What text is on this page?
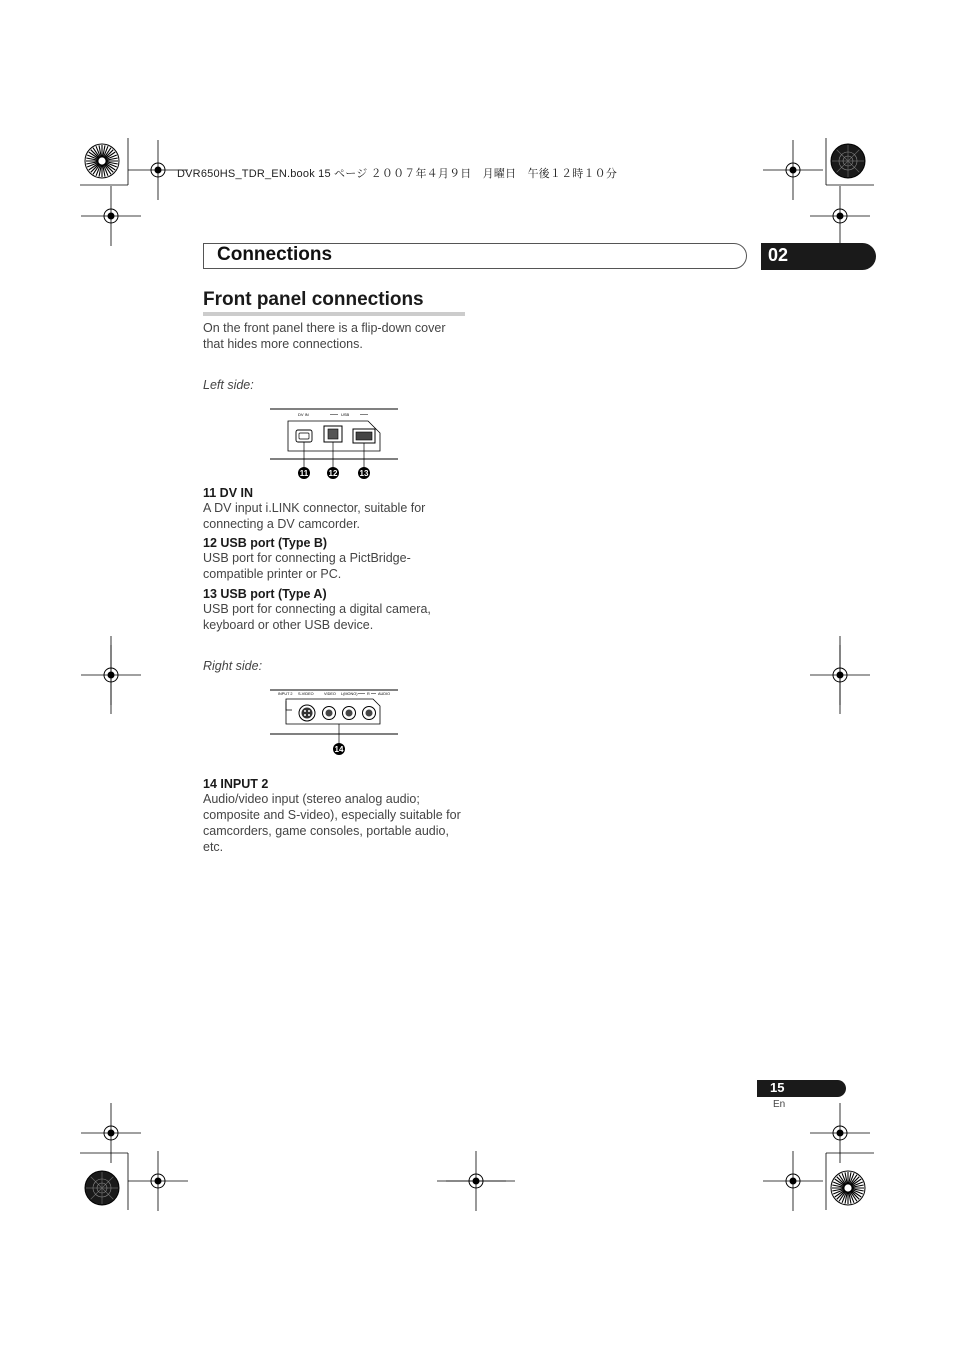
DVR650HS_TDR_EN.book 15 ページ ２００７年４月９日　月曜日　午後１２時１０分
Connections	02
Front panel connections
On the front panel there is a flip-down cover that hides more connections.
Left side:
DV IN	USB
11	12	13
11 DV IN
A DV input i.LINK connector, suitable for connecting a DV camcorder.
12 USB port (Type B)
USB port for connecting a PictBridge-compatible printer or PC.
13 USB port (Type A)
USB port for connecting a digital camera, keyboard or other USB device.
Right side:
INPUT 2 S-VIDEO	VIDEO L(MONO)	R AUDIO
14
14 INPUT 2
Audio/video input (stereo analog audio; composite and S-video), especially suitable for camcorders, game consoles, portable audio, etc.
15
En
